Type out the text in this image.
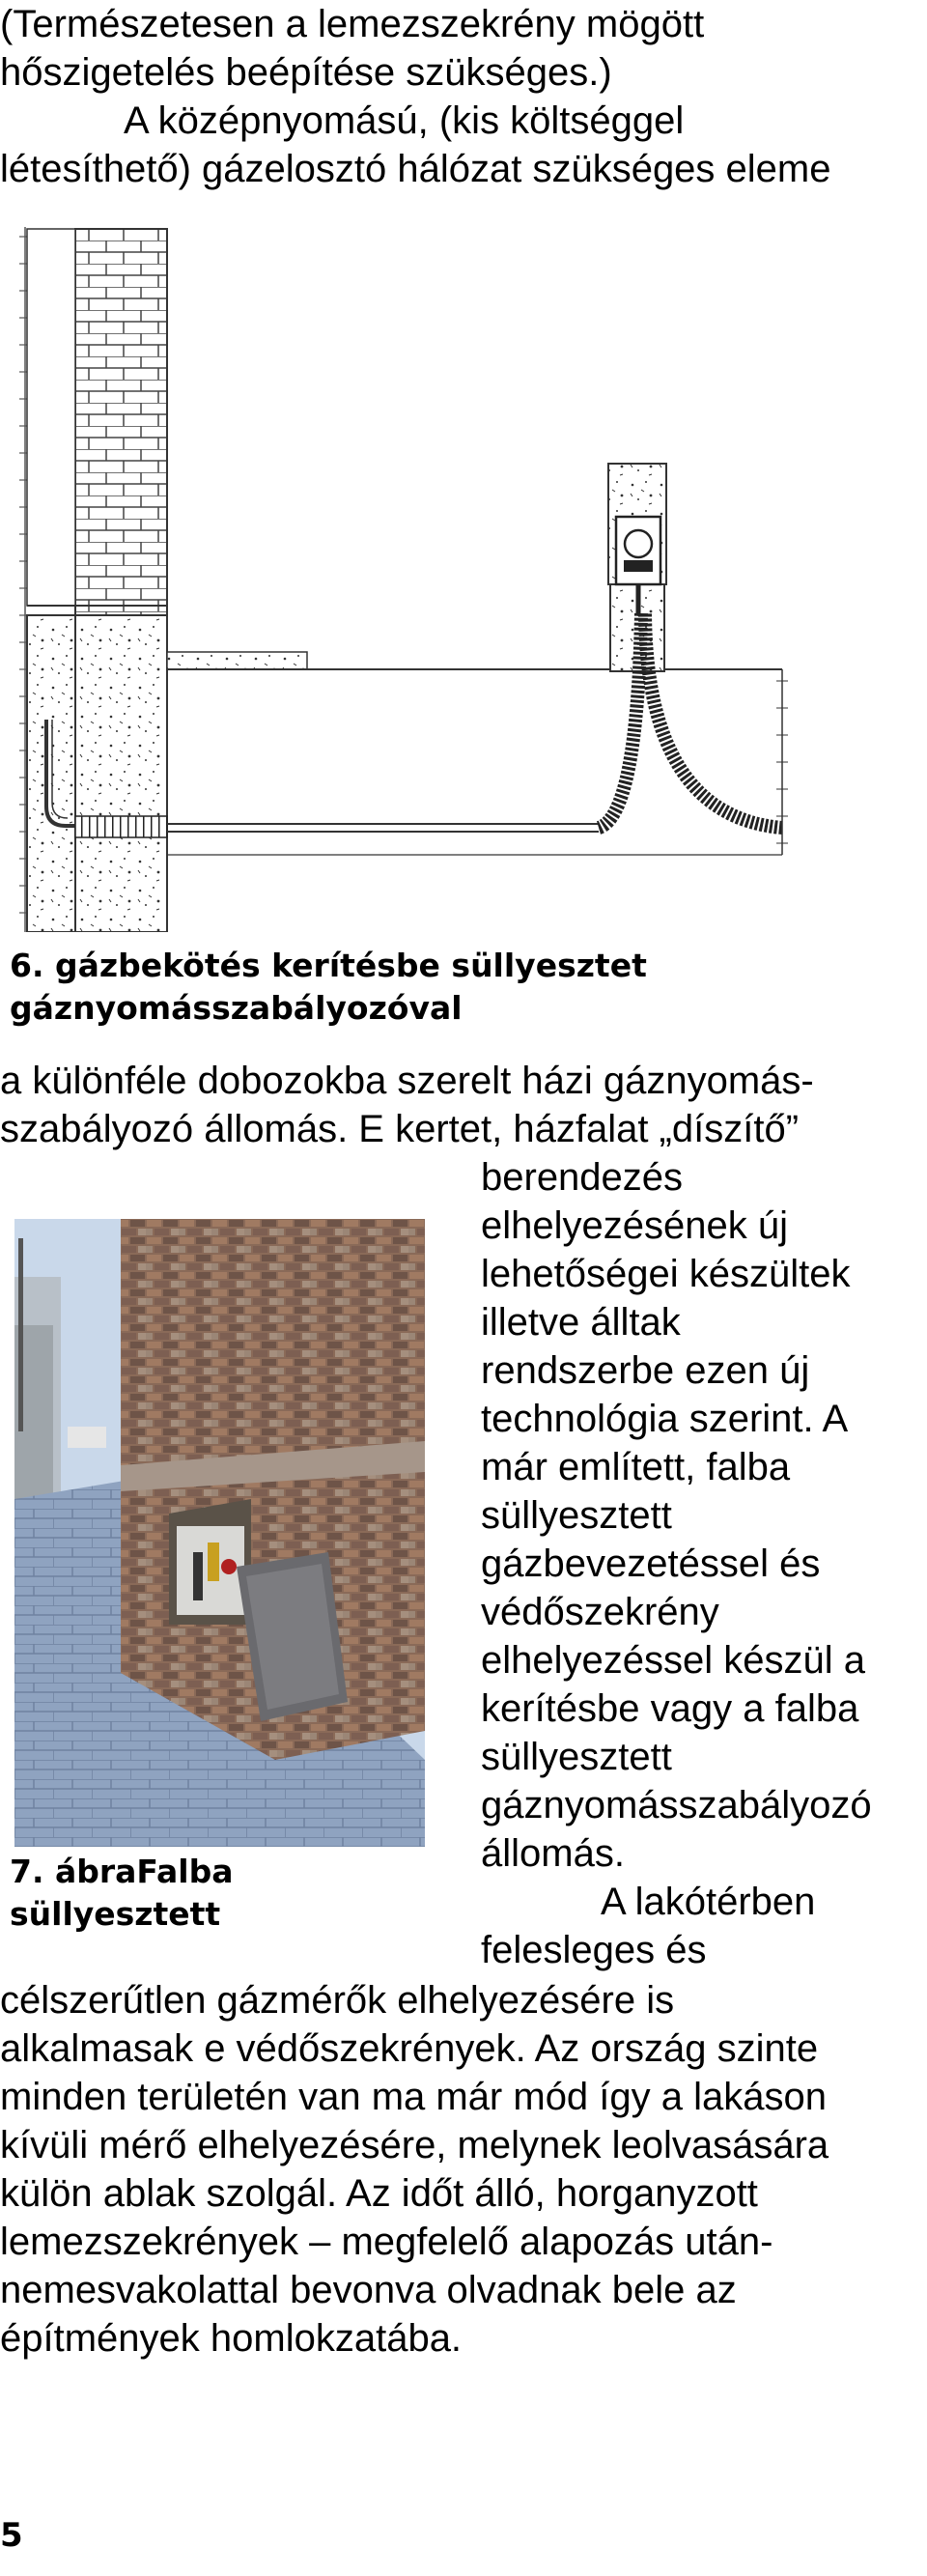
(Természetesen a lemezszekrény mögött
hőszigetelés beépítése szükséges.)
A középnyomású, (kis költséggel
létesíthető) gázelosztó hálózat szükséges eleme
6. gázbekötés kerítésbe süllyesztet
gáznyomásszabályozóval
a különféle dobozokba szerelt házi gáznyomás-
szabályozó állomás. E kertet, házfalat „díszítő”
berendezés
elhelyezésének új
lehetőségei készültek
illetve álltak
rendszerbe ezen új
technológia szerint. A
már említett, falba
süllyesztett
gázbevezetéssel és
védőszekrény
elhelyezéssel készül a
kerítésbe vagy a falba
süllyesztett
gáznyomásszabályozó
állomás.
A lakótérben
felesleges és
7. ábraFalba
süllyesztett
célszerűtlen gázmérők elhelyezésére is
alkalmasak e védőszekrények. Az ország szinte
minden területén van ma már mód így a lakáson
kívüli mérő elhelyezésére, melynek leolvasására
külön ablak szolgál. Az időt álló, horganyzott
lemezszekrények – megfelelő alapozás után-
nemesvakolattal bevonva olvadnak bele az
építmények homlokzatába.
5
